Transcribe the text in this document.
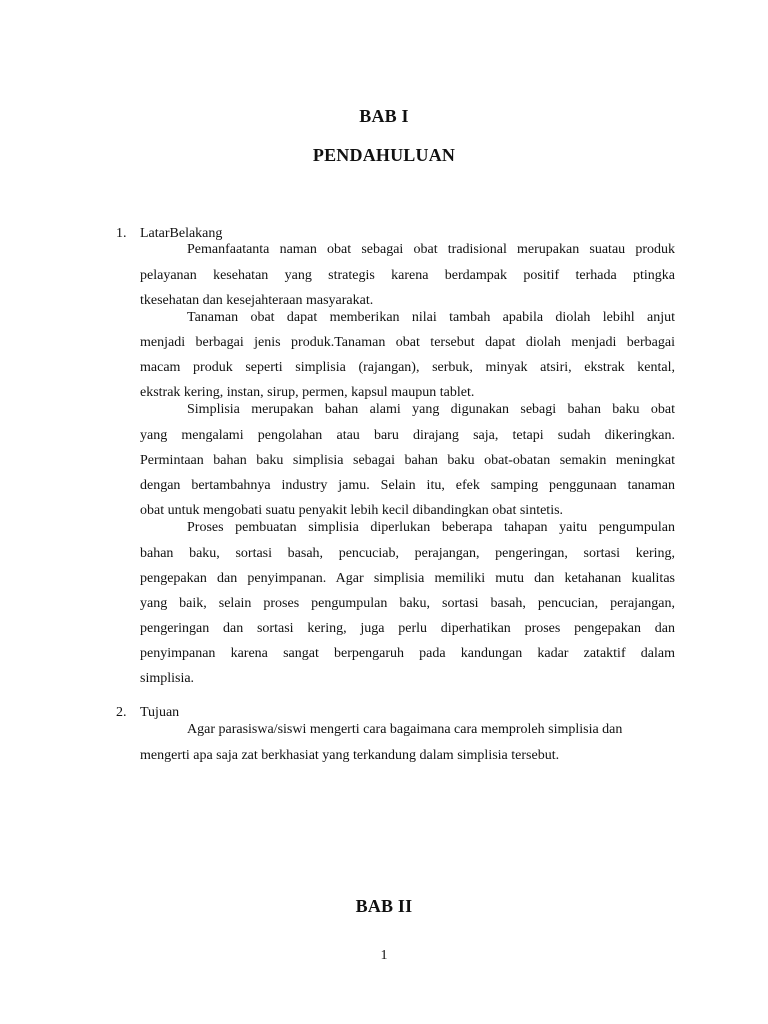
BAB I
PENDAHULUAN
1. LatarBelakang
Pemanfaatanta naman obat sebagai obat tradisional merupakan suatau produk
pelayanan kesehatan yang strategis karena berdampak positif terhada ptingka
tkesehatan dan kesejahteraan masyarakat.
Tanaman obat dapat memberikan nilai tambah apabila diolah lebihl anjut
menjadi berbagai jenis produk.Tanaman obat tersebut dapat diolah menjadi berbagai
macam produk seperti simplisia (rajangan), serbuk, minyak atsiri, ekstrak kental,
ekstrak kering, instan, sirup, permen, kapsul maupun tablet.
Simplisia merupakan bahan alami yang digunakan sebagi bahan baku obat
yang mengalami pengolahan atau baru dirajang saja, tetapi sudah dikeringkan.
Permintaan bahan baku simplisia sebagai bahan baku obat-obatan semakin meningkat
dengan bertambahnya industry jamu. Selain itu, efek samping penggunaan tanaman
obat untuk mengobati suatu penyakit lebih kecil dibandingkan obat sintetis.
Proses pembuatan simplisia diperlukan beberapa tahapan yaitu pengumpulan
bahan baku, sortasi basah, pencuciab, perajangan, pengeringan, sortasi kering,
pengepakan dan penyimpanan. Agar simplisia memiliki mutu dan ketahanan kualitas
yang baik, selain proses pengumpulan baku, sortasi basah, pencucian, perajangan,
pengeringan dan sortasi kering, juga perlu diperhatikan proses pengepakan dan
penyimpanan karena sangat berpengaruh pada kandungan kadar zataktif dalam
simplisia.
2. Tujuan
Agar parasiswa/siswi mengerti cara bagaimana cara memproleh simplisia dan
mengerti apa saja zat berkhasiat yang terkandung dalam simplisia tersebut.
BAB II
1
